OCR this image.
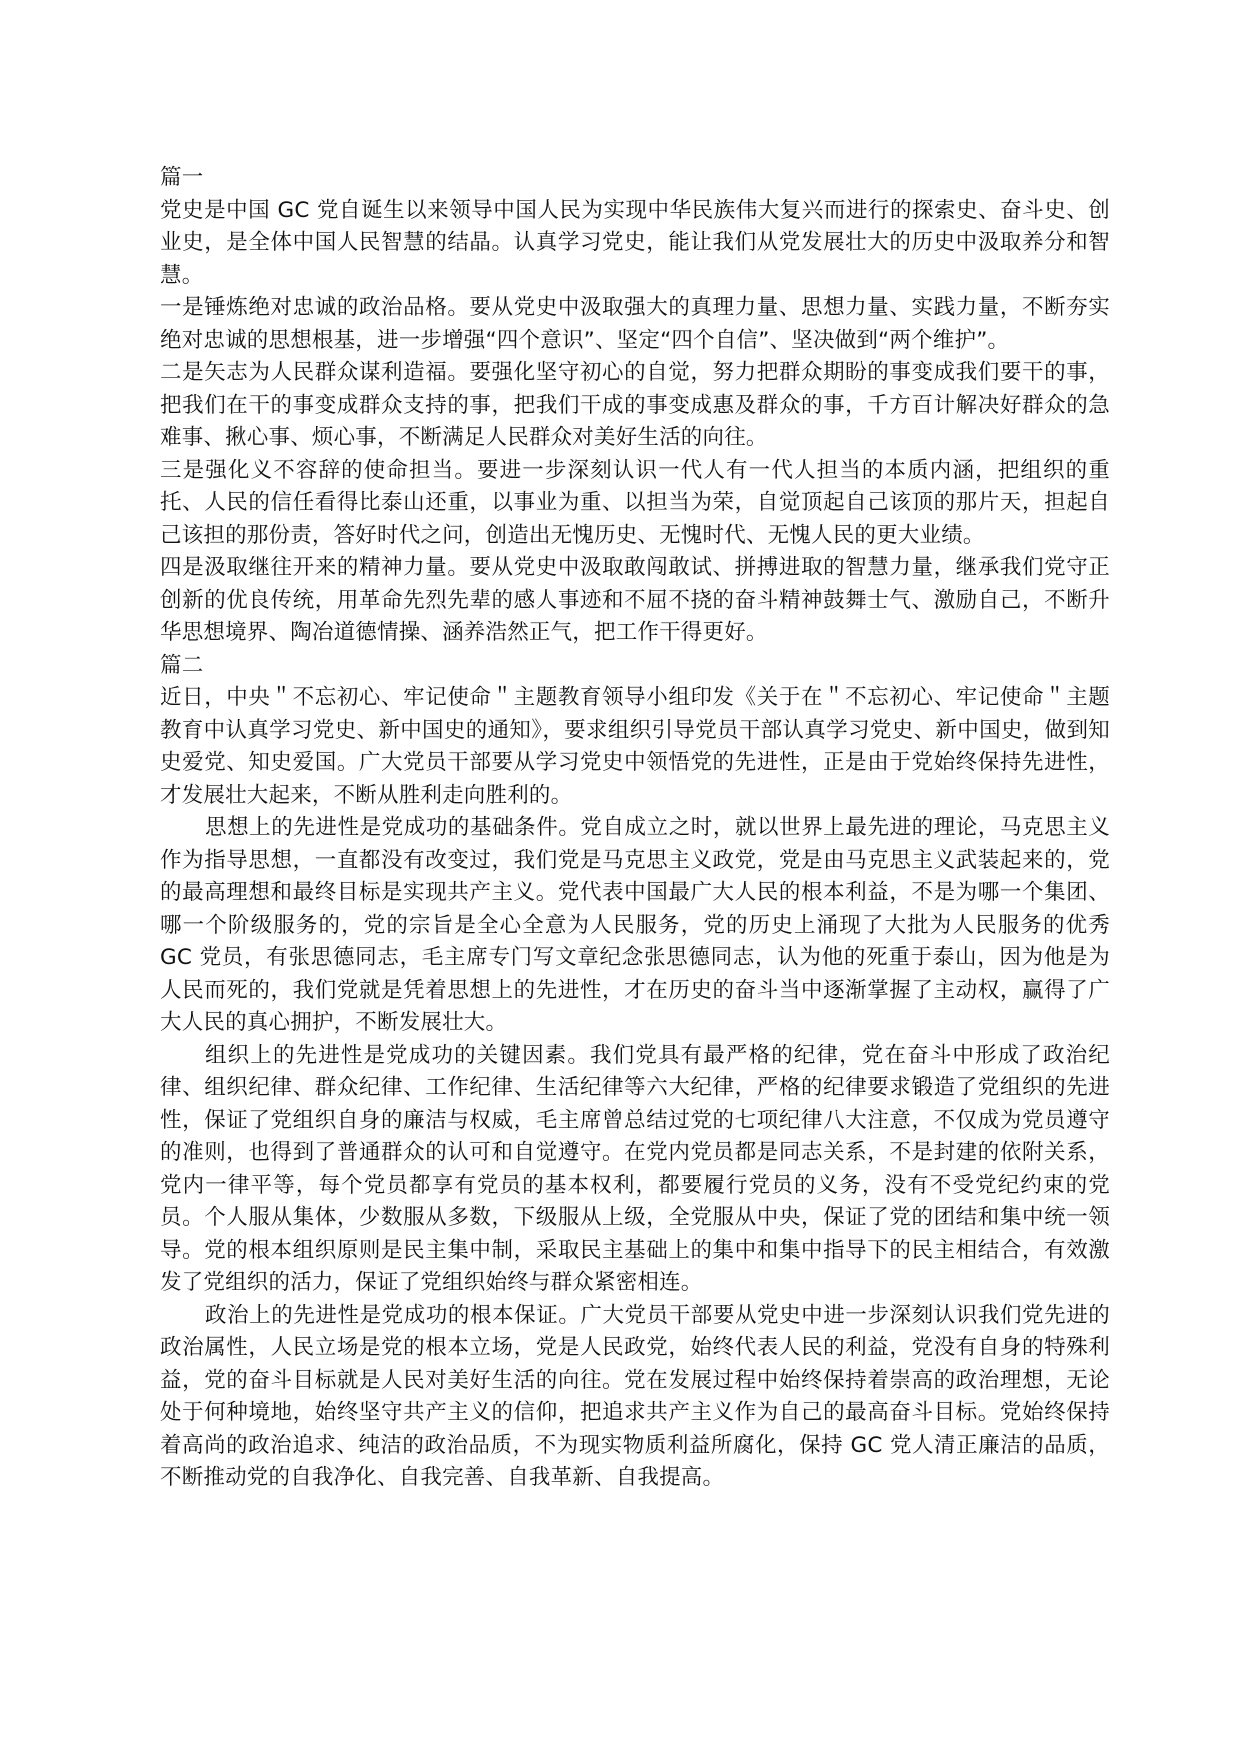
篇一

党史是中国 GC 党自诞生以来领导中国人民为实现中华民族伟大复兴而进行的探索史、奋斗史、创业史，是全体中国人民智慧的结晶。认真学习党史，能让我们从党发展壮大的历史中汲取养分和智慧。

一是锤炼绝对忠诚的政治品格。要从党史中汲取强大的真理力量、思想力量、实践力量，不断夯实绝对忠诚的思想根基，进一步增强“四个意识”、坚定“四个自信”、坚决做到“两个维护”。

二是矢志为人民群众谋利造福。要强化坚守初心的自觉，努力把群众期盼的事变成我们要干的事，把我们在干的事变成群众支持的事，把我们干成的事变成惠及群众的事，千方百计解决好群众的急难事、揪心事、烦心事，不断满足人民群众对美好生活的向往。

三是强化义不容辞的使命担当。要进一步深刻认识一代人有一代人担当的本质内涵，把组织的重托、人民的信任看得比泰山还重，以事业为重、以担当为荣，自觉顶起自己该顶的那片天，担起自己该担的那份责，答好时代之问，创造出无愧历史、无愧时代、无愧人民的更大业绩。

四是汲取继往开来的精神力量。要从党史中汲取敢闯敢试、拼搏进取的智慧力量，继承我们党守正创新的优良传统，用革命先烈先辈的感人事迹和不屈不挠的奋斗精神鼓舞士气、激励自己，不断升华思想境界、陶冶道德情操、涵养浩然正气，把工作干得更好。

篇二

近日，中央＂不忘初心、牢记使命＂主题教育领导小组印发《关于在＂不忘初心、牢记使命＂主题教育中认真学习党史、新中国史的通知》，要求组织引导党员干部认真学习党史、新中国史，做到知史爱党、知史爱国。广大党员干部要从学习党史中领悟党的先进性，正是由于党始终保持先进性，才发展壮大起来，不断从胜利走向胜利的。

思想上的先进性是党成功的基础条件。党自成立之时，就以世界上最先进的理论，马克思主义作为指导思想，一直都没有改变过，我们党是马克思主义政党，党是由马克思主义武装起来的，党的最高理想和最终目标是实现共产主义。党代表中国最广大人民的根本利益，不是为哪一个集团、哪一个阶级服务的，党的宗旨是全心全意为人民服务，党的历史上涌现了大批为人民服务的优秀 GC 党员，有张思德同志，毛主席专门写文章纪念张思德同志，认为他的死重于泰山，因为他是为人民而死的，我们党就是凭着思想上的先进性，才在历史的奋斗当中逐渐掌握了主动权，赢得了广大人民的真心拥护，不断发展壮大。

组织上的先进性是党成功的关键因素。我们党具有最严格的纪律，党在奋斗中形成了政治纪律、组织纪律、群众纪律、工作纪律、生活纪律等六大纪律，严格的纪律要求锻造了党组织的先进性，保证了党组织自身的廉洁与权威，毛主席曾总结过党的七项纪律八大注意，不仅成为党员遵守的准则，也得到了普通群众的认可和自觉遵守。在党内党员都是同志关系，不是封建的依附关系，党内一律平等，每个党员都享有党员的基本权利，都要履行党员的义务，没有不受党纪约束的党员。个人服从集体，少数服从多数，下级服从上级，全党服从中央，保证了党的团结和集中统一领导。党的根本组织原则是民主集中制，采取民主基础上的集中和集中指导下的民主相结合，有效激发了党组织的活力，保证了党组织始终与群众紧密相连。

政治上的先进性是党成功的根本保证。广大党员干部要从党史中进一步深刻认识我们党先进的政治属性，人民立场是党的根本立场，党是人民政党，始终代表人民的利益，党没有自身的特殊利益，党的奋斗目标就是人民对美好生活的向往。党在发展过程中始终保持着崇高的政治理想，无论处于何种境地，始终坚守共产主义的信仰，把追求共产主义作为自己的最高奋斗目标。党始终保持着高尚的政治追求、纯洁的政治品质，不为现实物质利益所腐化，保持 GC 党人清正廉洁的品质，不断推动党的自我净化、自我完善、自我革新、自我提高。
